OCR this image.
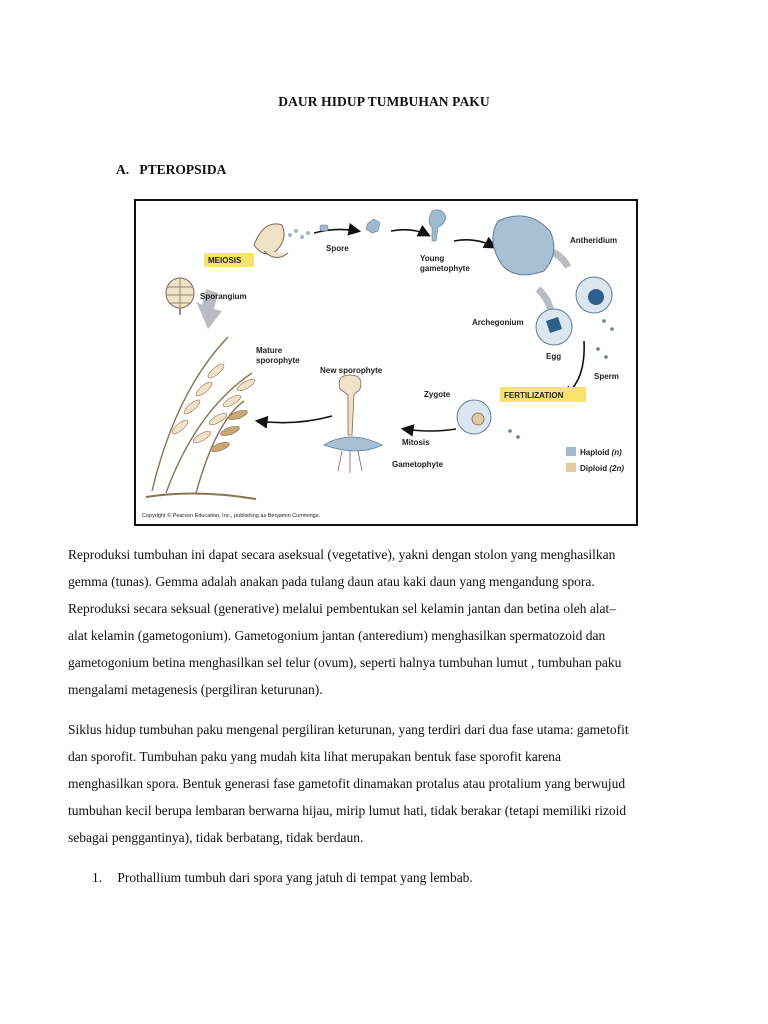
DAUR HIDUP TUMBUHAN PAKU
A. PTEROPSIDA
MEIOSIS
Spore
Young
gametophyte
Antheridium
Sporangium
Archegonium
Egg
Sperm
Mature
sporophyte
New sporophyte
Zygote	FERTILIZATION
Mitosis
Gametophyte
Haploid (n)
Diploid (2n)
Copyright © Pearson Education, Inc., publishing as Benjamin Cummings.
Reproduksi tumbuhan ini dapat secara aseksual (vegetative), yakni dengan stolon yang menghasilkan
gemma (tunas). Gemma adalah anakan pada tulang daun atau kaki daun yang mengandung spora.
Reproduksi secara seksual (generative) melalui pembentukan sel kelamin jantan dan betina oleh alat–
alat kelamin (gametogonium). Gametogonium jantan (anteredium) menghasilkan spermatozoid dan
gametogonium betina menghasilkan sel telur (ovum), seperti halnya tumbuhan lumut , tumbuhan paku
mengalami metagenesis (pergiliran keturunan).
Siklus hidup tumbuhan paku mengenal pergiliran keturunan, yang terdiri dari dua fase utama: gametofit
dan sporofit. Tumbuhan paku yang mudah kita lihat merupakan bentuk fase sporofit karena
menghasilkan spora. Bentuk generasi fase gametofit dinamakan protalus atau protalium yang berwujud
tumbuhan kecil berupa lembaran berwarna hijau, mirip lumut hati, tidak berakar (tetapi memiliki rizoid
sebagai penggantinya), tidak berbatang, tidak berdaun.
1. Prothallium tumbuh dari spora yang jatuh di tempat yang lembab.
